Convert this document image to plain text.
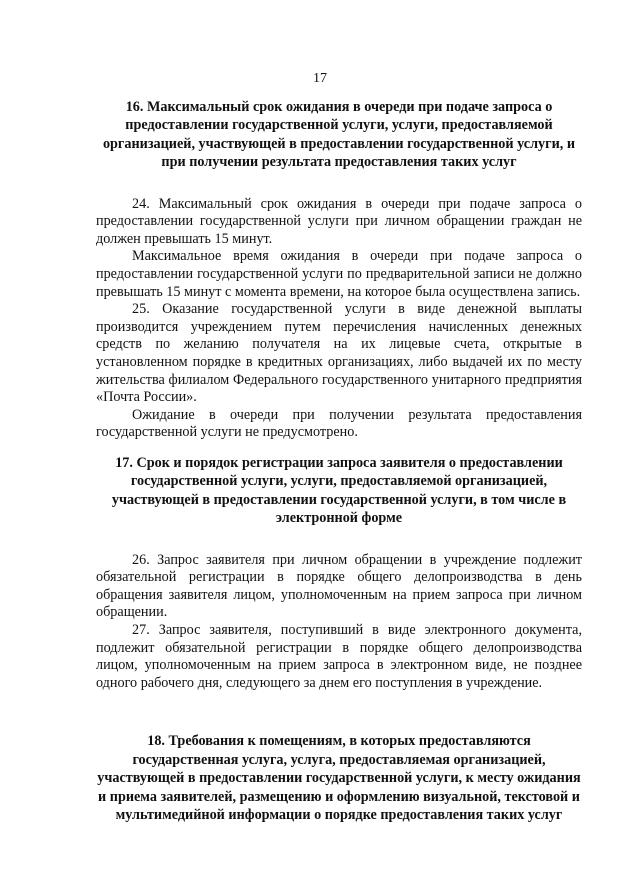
17
16. Максимальный срок ожидания в очереди при подаче запроса о предоставлении государственной услуги, услуги, предоставляемой организацией, участвующей в предоставлении государственной услуги, и при получении результата предоставления таких услуг

24. Максимальный срок ожидания в очереди при подаче запроса о предоставлении государственной услуги при личном обращении граждан не должен превышать 15 минут.

Максимальное время ожидания в очереди при подаче запроса о предоставлении государственной услуги по предварительной записи не должно превышать 15 минут с момента времени, на которое была осуществлена запись.

25. Оказание государственной услуги в виде денежной выплаты производится учреждением путем перечисления начисленных денежных средств по желанию получателя на их лицевые счета, открытые в установленном порядке в кредитных организациях, либо выдачей их по месту жительства филиалом Федерального государственного унитарного предприятия «Почта России».

Ожидание в очереди при получении результата предоставления государственной услуги не предусмотрено.

17. Срок и порядок регистрации запроса заявителя о предоставлении государственной услуги, услуги, предоставляемой организацией, участвующей в предоставлении государственной услуги, в том числе в электронной форме

26. Запрос заявителя при личном обращении в учреждение подлежит обязательной регистрации в порядке общего делопроизводства в день обращения заявителя лицом, уполномоченным на прием запроса при личном обращении.

27. Запрос заявителя, поступивший в виде электронного документа, подлежит обязательной регистрации в порядке общего делопроизводства лицом, уполномоченным на прием запроса в электронном виде, не позднее одного рабочего дня, следующего за днем его поступления в учреждение.

18. Требования к помещениям, в которых предоставляются государственная услуга, услуга, предоставляемая организацией, участвующей в предоставлении государственной услуги, к месту ожидания и приема заявителей, размещению и оформлению визуальной, текстовой и мультимедийной информации о порядке предоставления таких услуг
